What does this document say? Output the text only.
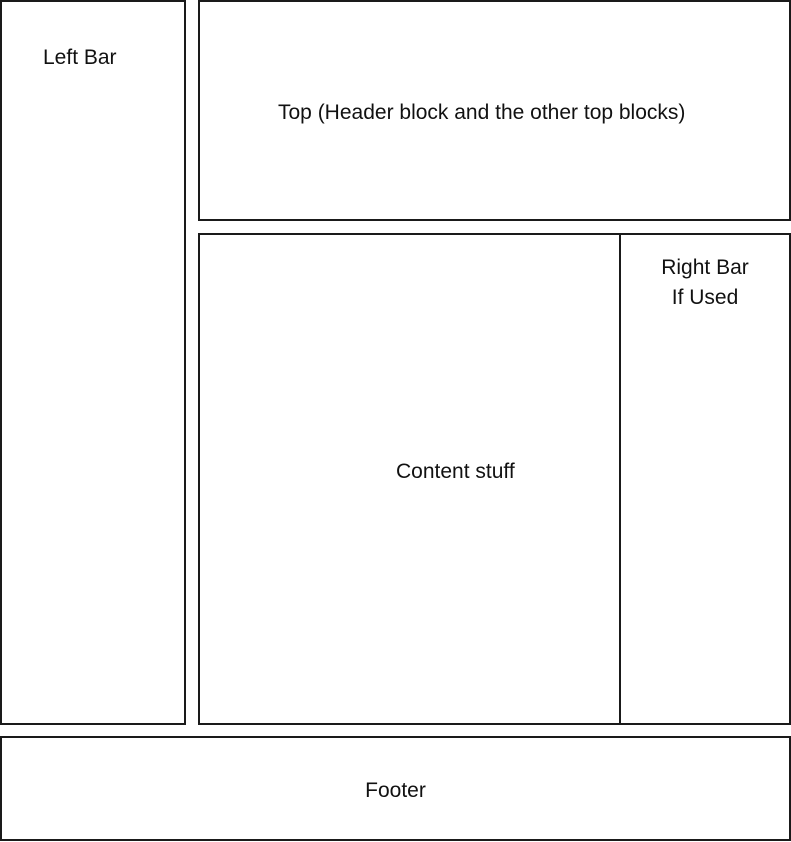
Left Bar
Top (Header block and the other top blocks)
Content stuff
Right Bar
If Used
Footer
